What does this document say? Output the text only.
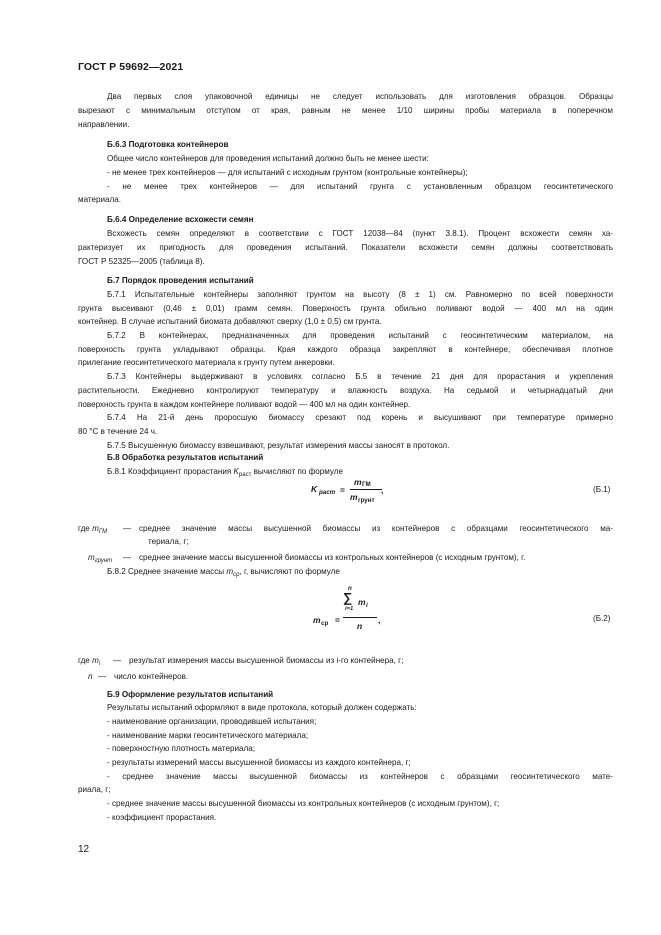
ГОСТ Р 59692—2021
Два первых слоя упаковочной единицы не следует использовать для изготовления образцов. Образцы
вырезают с минимальным отступом от края, равным не менее 1/10 ширины пробы материала в поперечном
направлении.
Б.6.3 Подготовка контейнеров
Общее число контейнеров для проведения испытаний должно быть не менее шести:
- не менее трех контейнеров — для испытаний с исходным грунтом (контрольные контейнеры);
- не менее трех контейнеров — для испытаний грунта с установленным образцом геосинтетического
материала.
Б.6.4 Определение всхожести семян
Всхожесть семян определяют в соответствии с ГОСТ 12038—84 (пункт 3.8.1). Процент всхожести семян ха-
рактеризует их пригодность для проведения испытаний. Показатели всхожести семян должны соответствовать
ГОСТ Р 52325—2005 (таблица 8).
Б.7 Порядок проведения испытаний
Б.7.1 Испытательные контейнеры заполняют грунтом на высоту (8 ± 1) см. Равномерно по всей поверхности
грунта высеивают (0,46 ± 0,01) грамм семян. Поверхность грунта обильно поливают водой — 400 мл на один
контейнер. В случае испытаний биомата добавляют сверху (1,0 ± 0,5) см грунта.
Б.7.2 В контейнерах, предназначенных для проведения испытаний с геосинтетическим материалом, на
поверхность грунта укладывают образцы. Края каждого образца закрепляют в контейнере, обеспечивая плотное
прилегание геосинтетического материала к грунту путем анкеровки.
Б.7.3 Контейнеры выдерживают в условиях согласно Б.5 в течение 21 дня для прорастания и укрепления
растительности. Ежедневно контролируют температуру и влажность воздуха. На седьмой и четырнадцатый дни
поверхность грунта в каждом контейнере поливают водой — 400 мл на один контейнер.
Б.7.4 На 21-й день проросшую биомассу срезают под корень и высушивают при температуре примерно
80 °С в течение 24 ч.
Б.7.5 Высушенную биомассу взвешивают, результат измерения массы заносят в протокол.
Б.8 Обработка результатов испытаний
Б.8.1 Коэффициент прорастания $K_{раст}$ вычисляют по формуле
K раст =
m ГМ
m грунт
,	(Б.1)
где $m_{ГМ}$ — среднее значение массы высушенной биомассы из контейнеров с образцами геосинтетического ма-
териала, г;
$m_{грунт}$ — среднее значение массы высушенной биомассы из контрольных контейнеров (с исходным грунтом), г.
Б.8.2 Среднее значение массы $m_{ср}$, г, вычисляют по формуле
m ср =
n
∑
i=1
m i
n
,	(Б.2)
где $m_i$ — результат измерения массы высушенной биомассы из i-го контейнера, г;
n — число контейнеров.
Б.9 Оформление результатов испытаний
Результаты испытаний оформляют в виде протокола, который должен содержать:
- наименование организации, проводившей испытания;
- наименование марки геосинтетического материала;
- поверхностную плотность материала;
- результаты измерений массы высушенной биомассы из каждого контейнера, г;
- среднее значение массы высушенной биомассы из контейнеров с образцами геосинтетического мате-
риала, г;
- среднее значение массы высушенной биомассы из контрольных контейнеров (с исходным грунтом), г;
- коэффициент прорастания.
12
